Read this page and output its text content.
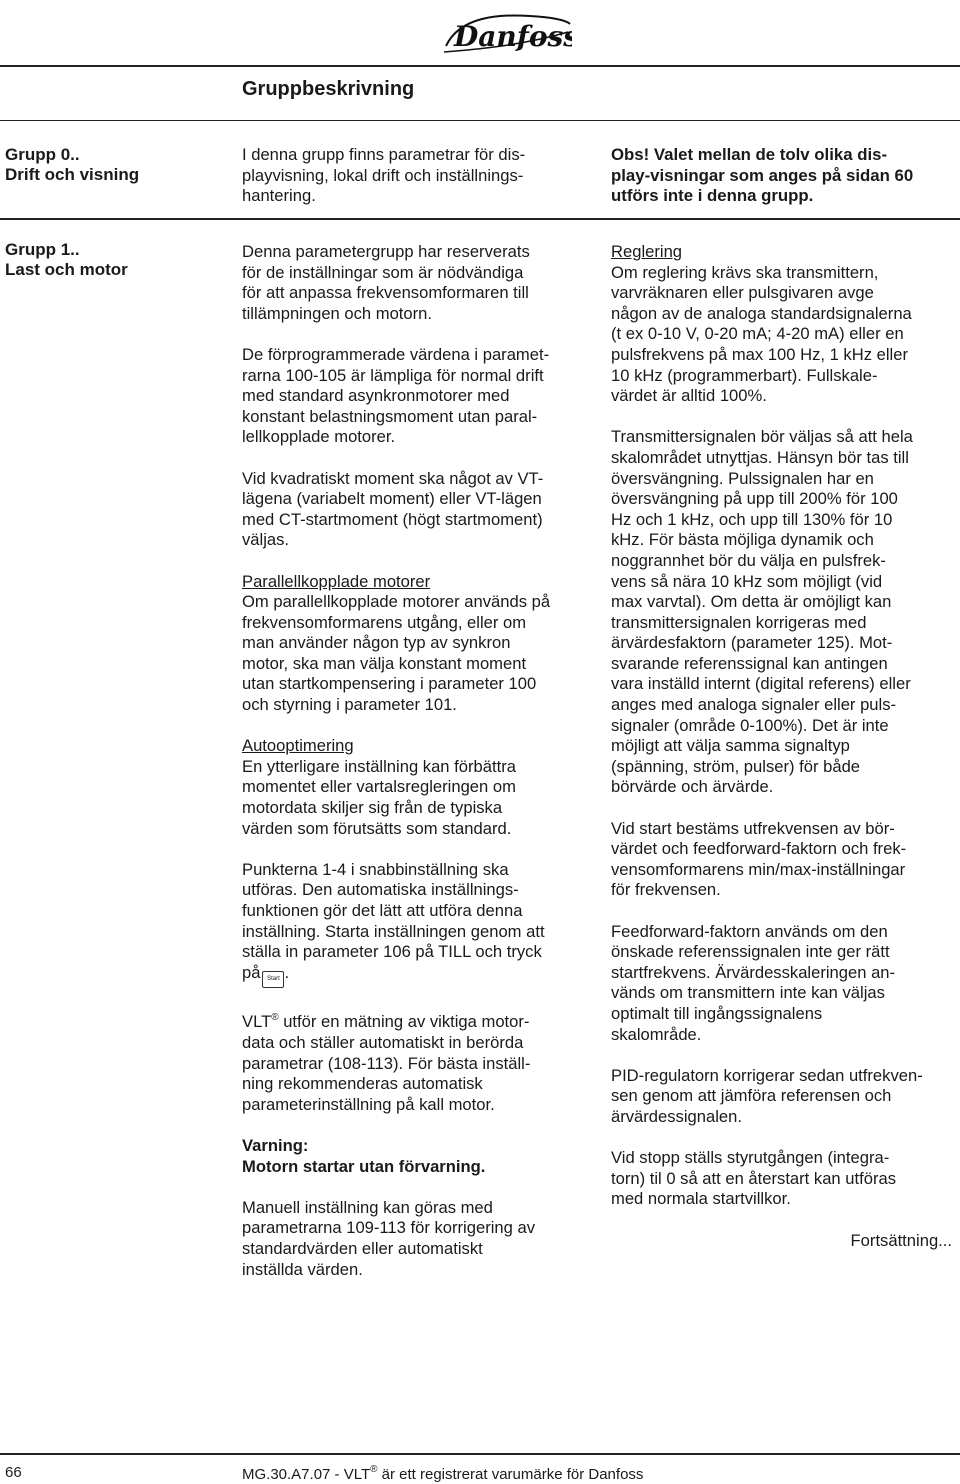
Danfoss
Gruppbeskrivning
Grupp 0..
Drift och visning

I denna grupp finns parametrar för dis-

playvisning, lokal drift och inställnings-

hantering.

Obs! Valet mellan de tolv olika dis-

play-visningar som anges på sidan 60

utförs inte i denna grupp.

Grupp 1..
Last och motor

Denna parametergrupp har reserverats

för de inställningar som är nödvändiga

för att anpassa frekvensomformaren till

tillämpningen och motorn.

De förprogrammerade värdena i paramet-

rarna 100-105 är lämpliga för normal drift

med standard asynkronmotorer med

konstant belastningsmoment utan paral-

lellkopplade motorer.

Vid kvadratiskt moment ska något av VT-

lägena (variabelt moment) eller VT-lägen

med CT-startmoment (högt startmoment)

väljas.

Parallellkopplade motorer

Om parallellkopplade motorer används på

frekvensomformarens utgång, eller om

man använder någon typ av synkron

motor, ska man välja konstant moment

utan startkompensering i parameter 100

och styrning i parameter 101.

Autooptimering

En ytterligare inställning kan förbättra

momentet eller vartalsregleringen om

motordata skiljer sig från de typiska

värden som förutsätts som standard.

Punkterna 1-4 i snabbinställning ska

utföras. Den automatiska inställnings-

funktionen gör det lätt att utföra denna

inställning. Starta inställningen genom att

ställa in parameter 106 på TILL och tryck

på Start .

VLT® utför en mätning av viktiga motor-

data och ställer automatiskt in berörda

parametrar (108-113). För bästa inställ-

ning rekommenderas automatisk

parameterinställning på kall motor.

Varning:

Motorn startar utan förvarning.

Manuell inställning kan göras med

parametrarna 109-113 för korrigering av

standardvärden eller automatiskt

inställda värden.

Reglering

Om reglering krävs ska transmittern,

varvräknaren eller pulsgivaren avge

någon av de analoga standardsignalerna

(t ex 0-10 V, 0-20 mA; 4-20 mA) eller en

pulsfrekvens på max 100 Hz, 1 kHz eller

10 kHz (programmerbart). Fullskale-

värdet är alltid 100%.

Transmittersignalen bör väljas så att hela

skalområdet utnyttjas. Hänsyn bör tas till

översvängning. Pulssignalen har en

översvängning på upp till 200% för 100

Hz och 1 kHz, och upp till 130% för 10

kHz. För bästa möjliga dynamik och

noggrannhet bör du välja en pulsfrek-

vens så nära 10 kHz som möjligt (vid

max varvtal). Om detta är omöjligt kan

transmittersignalen korrigeras med

ärvärdesfaktorn (parameter 125). Mot-

svarande referenssignal kan antingen

vara inställd internt (digital referens) eller

anges med analoga signaler eller puls-

signaler (område 0-100%). Det är inte

möjligt att välja samma signaltyp

(spänning, ström, pulser) för både

börvärde och ärvärde.

Vid start bestäms utfrekvensen av bör-

värdet och feedforward-faktorn och frek-

vensomformarens min/max-inställningar

för frekvensen.

Feedforward-faktorn används om den

önskade referenssignalen inte ger rätt

startfrekvens. Ärvärdesskaleringen an-

vänds om transmittern inte kan väljas

optimalt till ingångssignalens

skalområde.

PID-regulatorn korrigerar sedan utfrekven-

sen genom att jämföra referensen och

ärvärdessignalen.

Vid stopp ställs styrutgången (integra-

torn) til 0 så att en återstart kan utföras

med normala startvillkor.

Fortsättning...

66	MG.30.A7.07 - VLT® är ett registrerat varumärke för Danfoss
